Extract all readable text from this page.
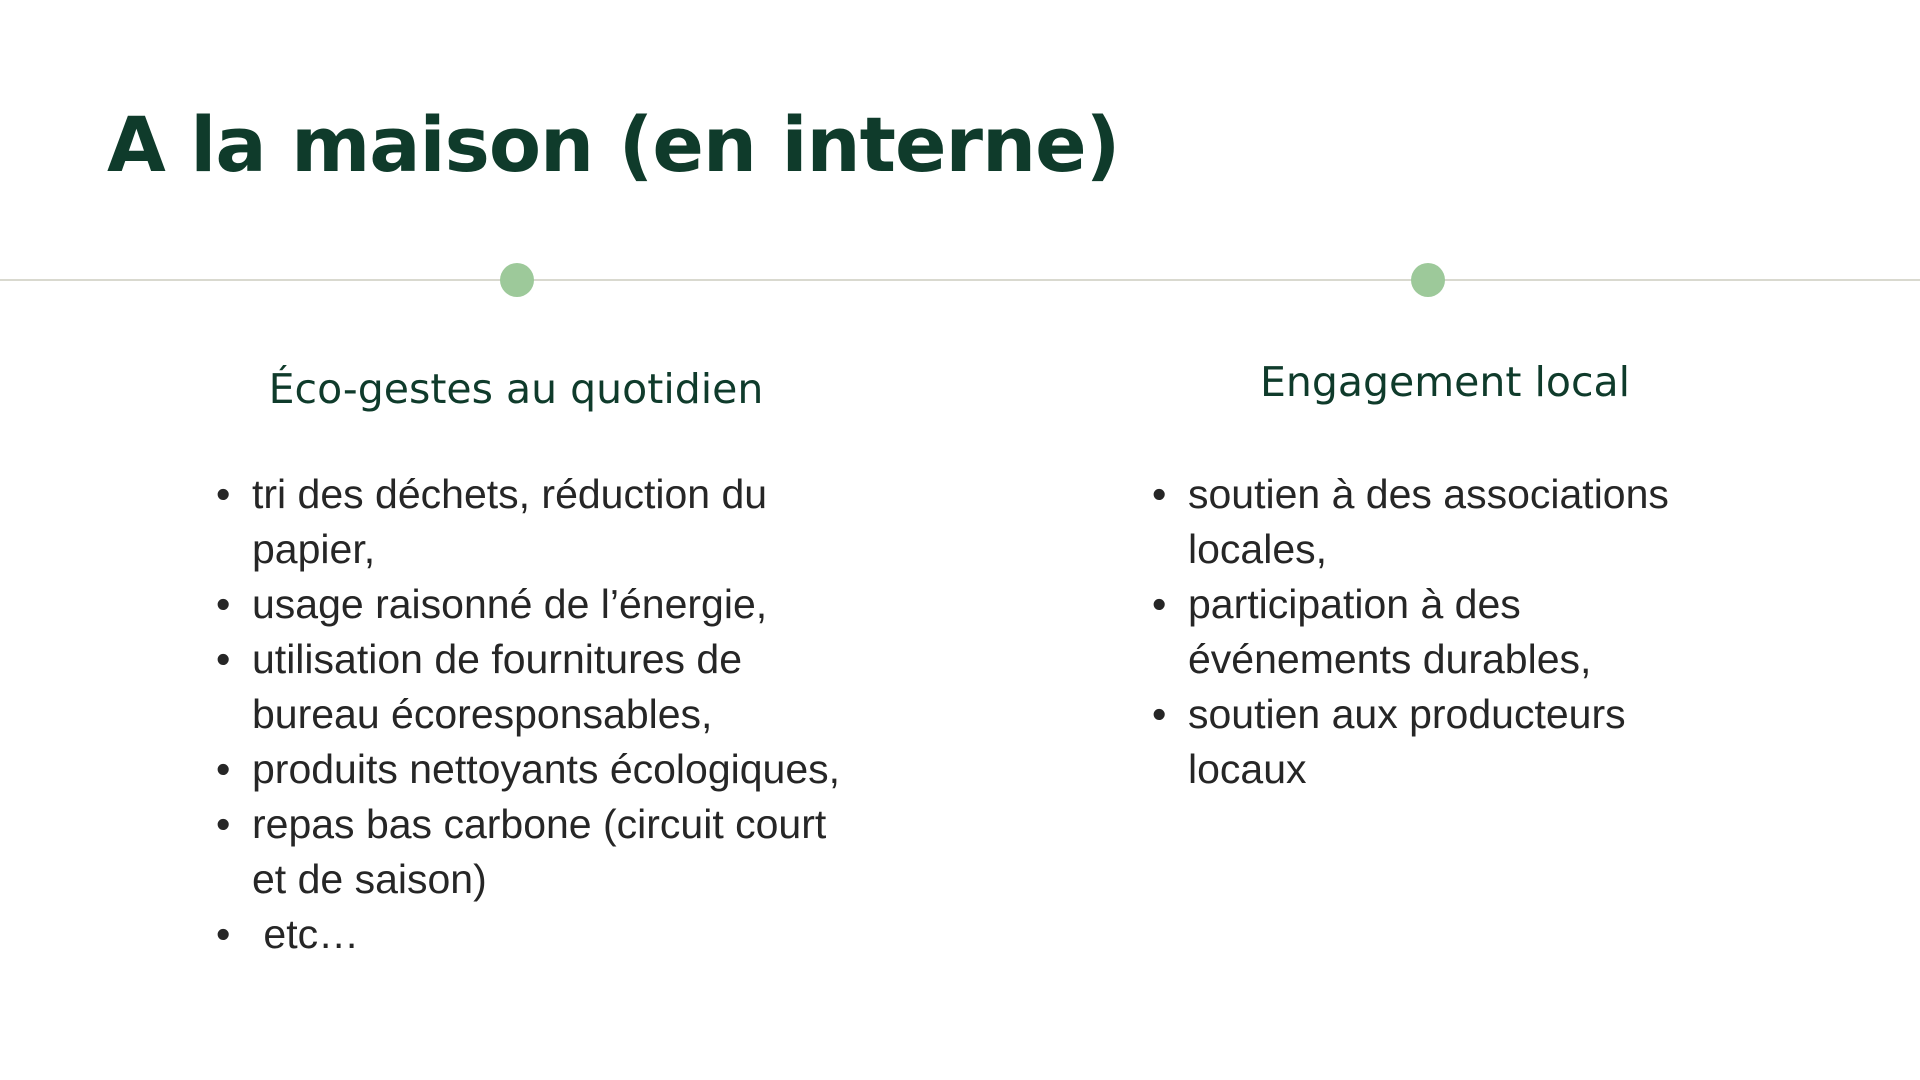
A la maison (en interne)
Éco-gestes au quotidien
• tri des déchets, réduction du papier,
• usage raisonné de l’énergie,
• utilisation de fournitures de bureau écoresponsables,
• produits nettoyants écologiques,
• repas bas carbone (circuit court et de saison)
• etc…
Engagement local
• soutien à des associations locales,
• participation à des événements durables,
• soutien aux producteurs locaux
